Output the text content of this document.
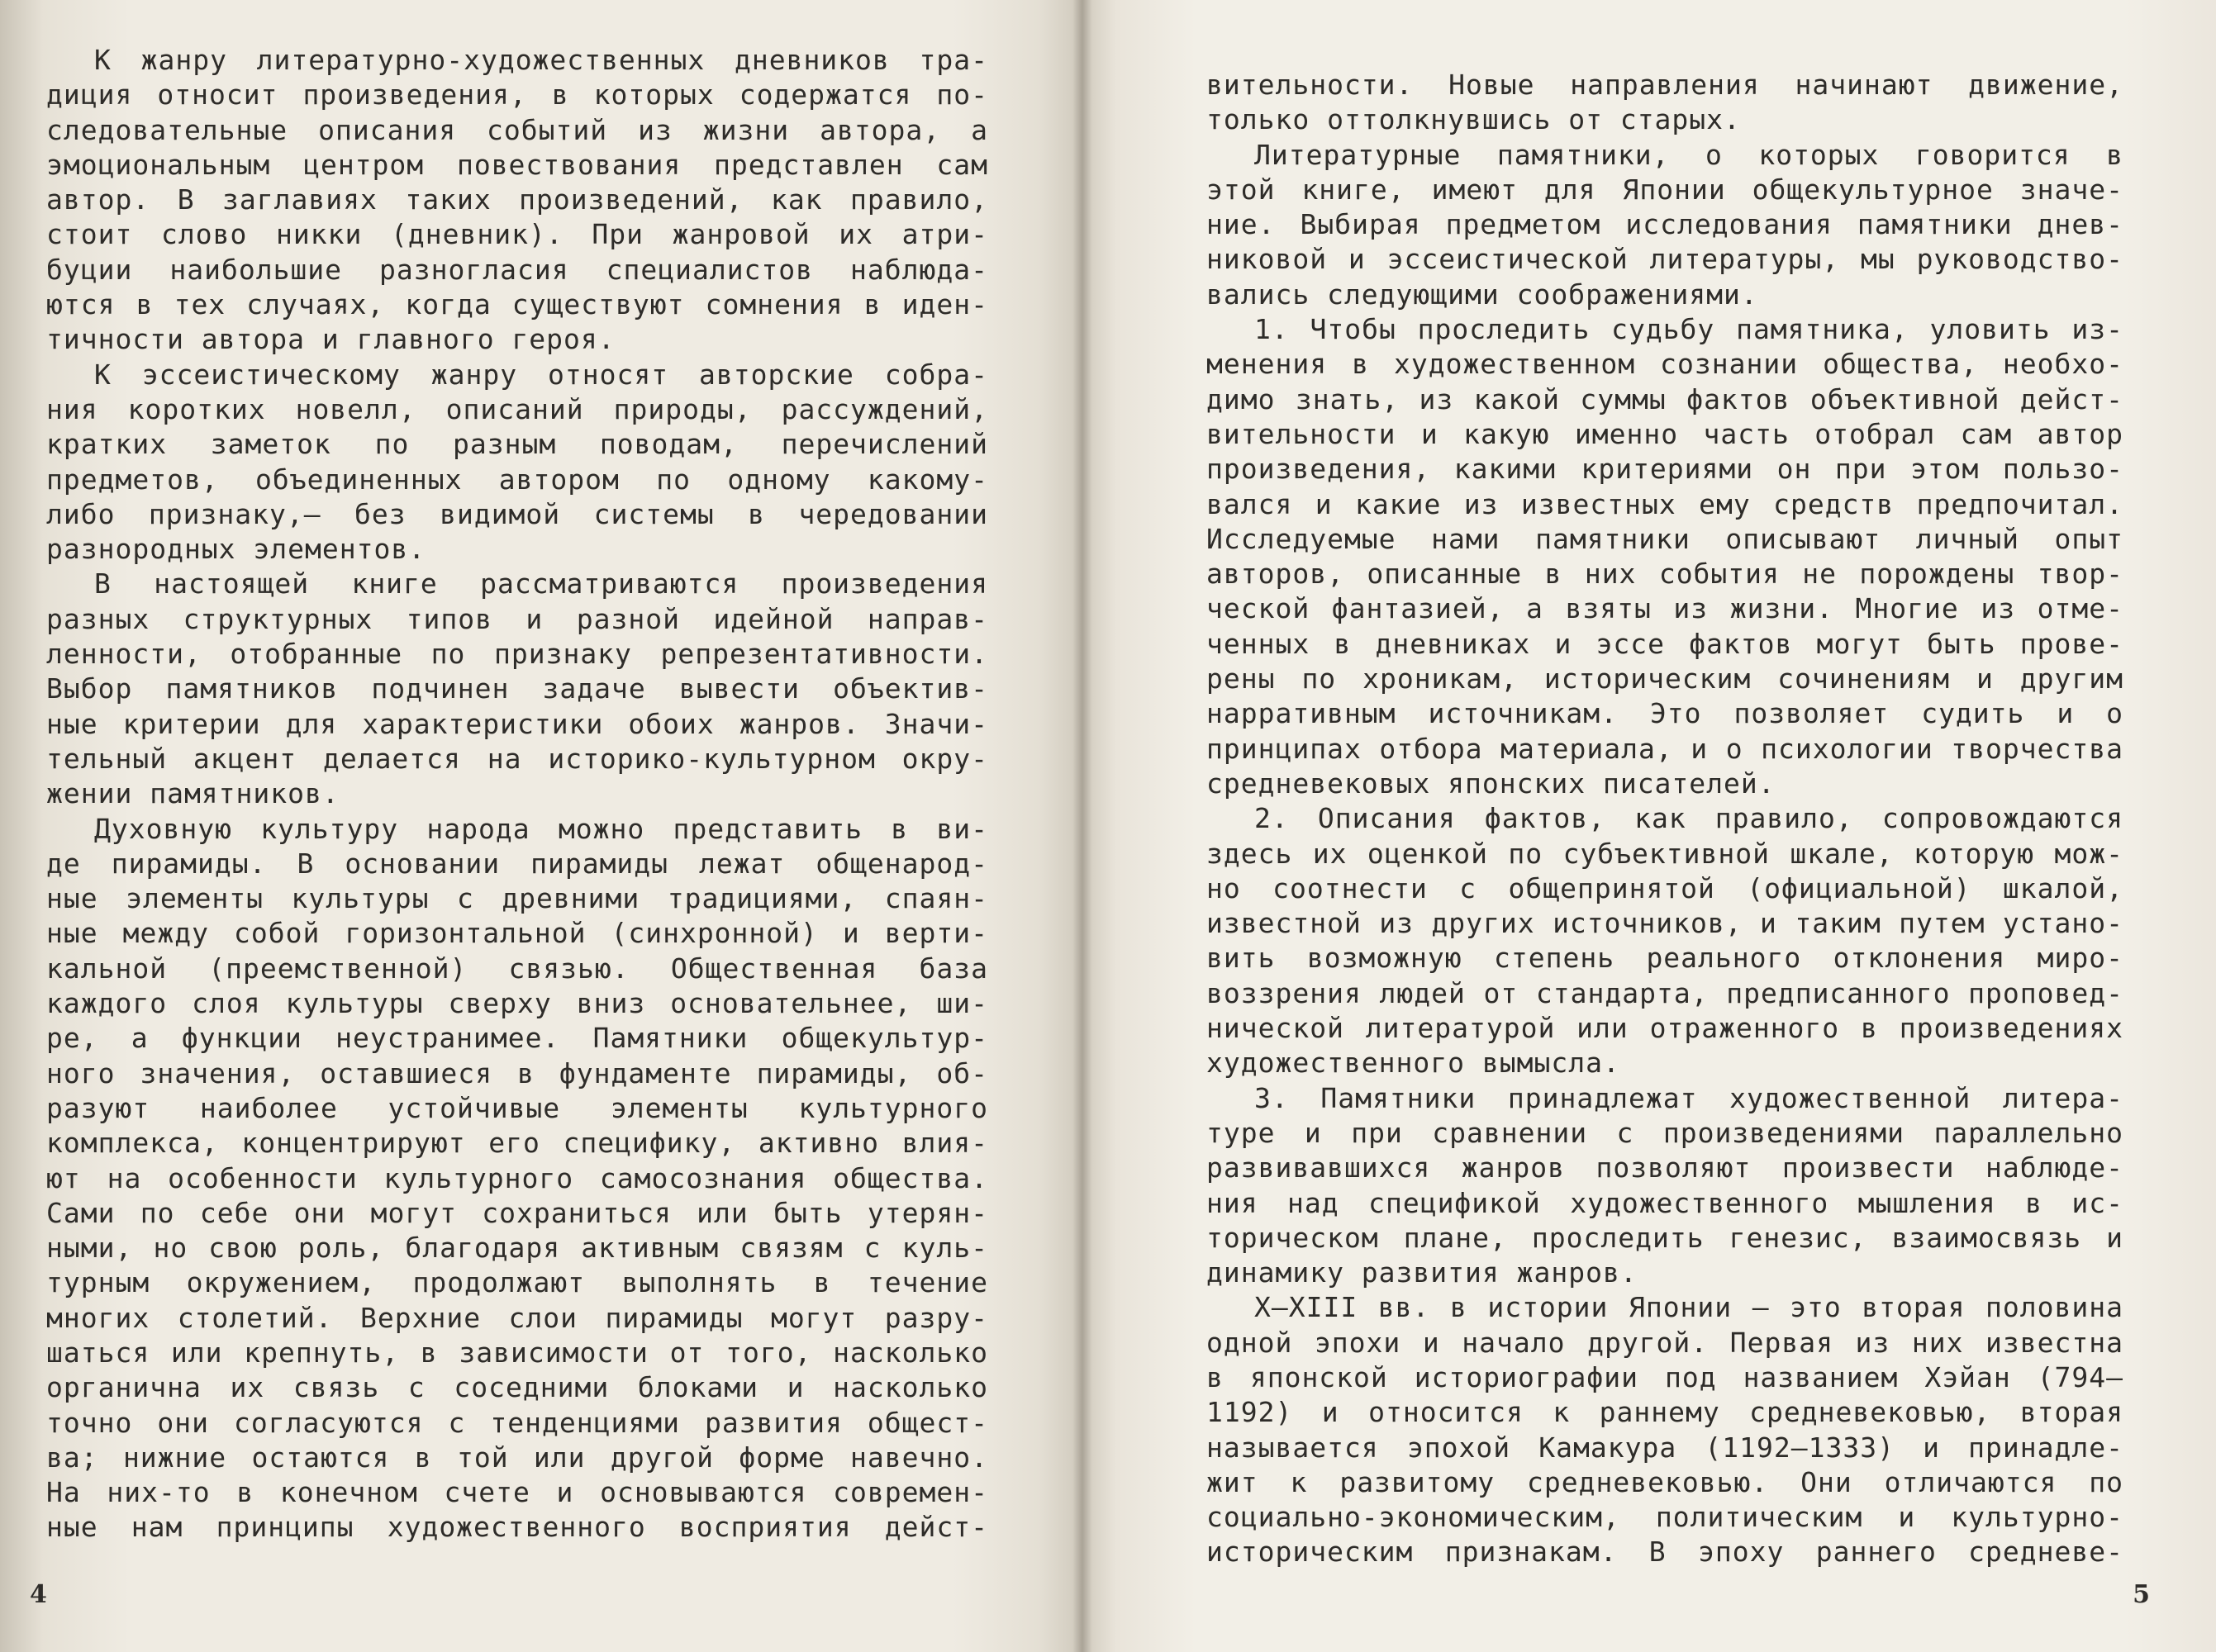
К жанру литературно-художественных дневников тра-
диция относит произведения, в которых содержатся по-
следовательные описания событий из жизни автора, а
эмоциональным центром повествования представлен сам
автор. В заглавиях таких произведений, как правило,
стоит слово никки (дневник). При жанровой их атри-
буции наибольшие разногласия специалистов наблюда-
ются в тех случаях, когда существуют сомнения в иден-
тичности автора и главного героя.
К эссеистическому жанру относят авторские собра-
ния коротких новелл, описаний природы, рассуждений,
кратких заметок по разным поводам, перечислений
предметов, объединенных автором по одному какому-
либо признаку,— без видимой системы в чередовании
разнородных элементов.
В настоящей книге рассматриваются произведения
разных структурных типов и разной идейной направ-
ленности, отобранные по признаку репрезентативности.
Выбор памятников подчинен задаче вывести объектив-
ные критерии для характеристики обоих жанров. Значи-
тельный акцент делается на историко-культурном окру-
жении памятников.
Духовную культуру народа можно представить в ви-
де пирамиды. В основании пирамиды лежат общенарод-
ные элементы культуры с древними традициями, спаян-
ные между собой горизонтальной (синхронной) и верти-
кальной (преемственной) связью. Общественная база
каждого слоя культуры сверху вниз основательнее, ши-
ре, а функции неустранимее. Памятники общекультур-
ного значения, оставшиеся в фундаменте пирамиды, об-
разуют наиболее устойчивые элементы культурного
комплекса, концентрируют его специфику, активно влия-
ют на особенности культурного самосознания общества.
Сами по себе они могут сохраниться или быть утерян-
ными, но свою роль, благодаря активным связям с куль-
турным окружением, продолжают выполнять в течение
многих столетий. Верхние слои пирамиды могут разру-
шаться или крепнуть, в зависимости от того, насколько
органична их связь с соседними блоками и насколько
точно они согласуются с тенденциями развития общест-
ва; нижние остаются в той или другой форме навечно.
На них-то в конечном счете и основываются современ-
ные нам принципы художественного восприятия дейст-
4
вительности. Новые направления начинают движение,
только оттолкнувшись от старых.
Литературные памятники, о которых говорится в
этой книге, имеют для Японии общекультурное значе-
ние. Выбирая предметом исследования памятники днев-
никовой и эссеистической литературы, мы руководство-
вались следующими соображениями.
1. Чтобы проследить судьбу памятника, уловить из-
менения в художественном сознании общества, необхо-
димо знать, из какой суммы фактов объективной дейст-
вительности и какую именно часть отобрал сам автор
произведения, какими критериями он при этом пользо-
вался и какие из известных ему средств предпочитал.
Исследуемые нами памятники описывают личный опыт
авторов, описанные в них события не порождены твор-
ческой фантазией, а взяты из жизни. Многие из отме-
ченных в дневниках и эссе фактов могут быть прове-
рены по хроникам, историческим сочинениям и другим
нарративным источникам. Это позволяет судить и о
принципах отбора материала, и о психологии творчества
средневековых японских писателей.
2. Описания фактов, как правило, сопровождаются
здесь их оценкой по субъективной шкале, которую мож-
но соотнести с общепринятой (официальной) шкалой,
известной из других источников, и таким путем устано-
вить возможную степень реального отклонения миро-
воззрения людей от стандарта, предписанного проповед-
нической литературой или отраженного в произведениях
художественного вымысла.
3. Памятники принадлежат художественной литера-
туре и при сравнении с произведениями параллельно
развивавшихся жанров позволяют произвести наблюде-
ния над спецификой художественного мышления в ис-
торическом плане, проследить генезис, взаимосвязь и
динамику развития жанров.
X—XIII вв. в истории Японии — это вторая половина
одной эпохи и начало другой. Первая из них известна
в японской историографии под названием Хэйан (794—
1192) и относится к раннему средневековью, вторая
называется эпохой Камакура (1192—1333) и принадле-
жит к развитому средневековью. Они отличаются по
социально-экономическим, политическим и культурно-
историческим признакам. В эпоху раннего средневе-
5
